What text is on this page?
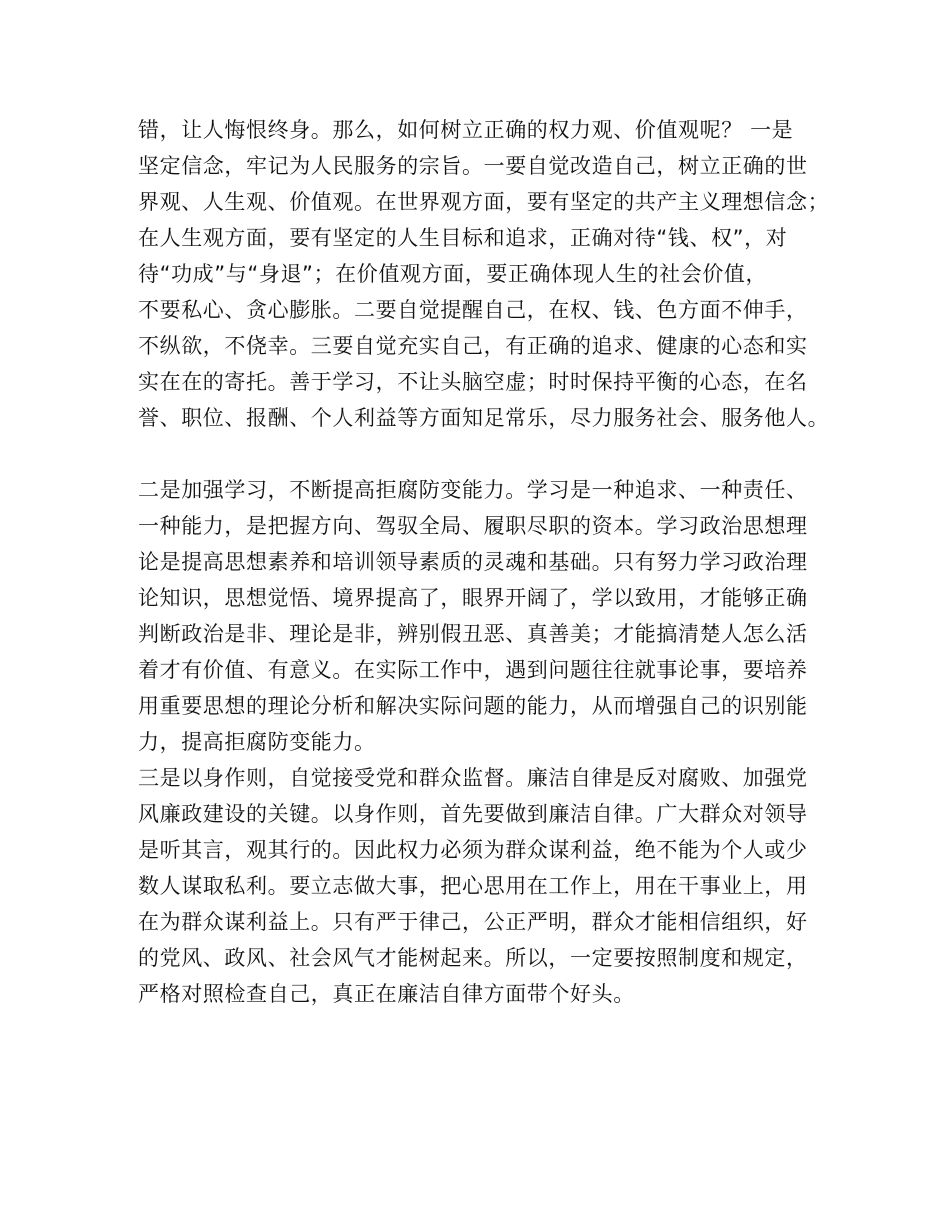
错，让人悔恨终身。那么，如何树立正确的权力观、价值观呢？ 一是

坚定信念，牢记为人民服务的宗旨。一要自觉改造自己，树立正确的世

界观、人生观、价值观。在世界观方面，要有坚定的共产主义理想信念；

在人生观方面，要有坚定的人生目标和追求，正确对待“钱、权”，对

待“功成”与“身退”；在价值观方面，要正确体现人生的社会价值，

不要私心、贪心膨胀。二要自觉提醒自己，在权、钱、色方面不伸手，

不纵欲，不侥幸。三要自觉充实自己，有正确的追求、健康的心态和实

实在在的寄托。善于学习，不让头脑空虚；时时保持平衡的心态，在名

誉、职位、报酬、个人利益等方面知足常乐，尽力服务社会、服务他人。

二是加强学习，不断提高拒腐防变能力。学习是一种追求、一种责任、

一种能力，是把握方向、驾驭全局、履职尽职的资本。学习政治思想理

论是提高思想素养和培训领导素质的灵魂和基础。只有努力学习政治理

论知识，思想觉悟、境界提高了，眼界开阔了，学以致用，才能够正确

判断政治是非、理论是非，辨别假丑恶、真善美；才能搞清楚人怎么活

着才有价值、有意义。在实际工作中，遇到问题往往就事论事，要培养

用重要思想的理论分析和解决实际问题的能力，从而增强自己的识别能

力，提高拒腐防变能力。

三是以身作则，自觉接受党和群众监督。廉洁自律是反对腐败、加强党

风廉政建设的关键。以身作则，首先要做到廉洁自律。广大群众对领导

是听其言，观其行的。因此权力必须为群众谋利益，绝不能为个人或少

数人谋取私利。要立志做大事，把心思用在工作上，用在干事业上，用

在为群众谋利益上。只有严于律己，公正严明，群众才能相信组织，好

的党风、政风、社会风气才能树起来。所以，一定要按照制度和规定，

严格对照检查自己，真正在廉洁自律方面带个好头。
